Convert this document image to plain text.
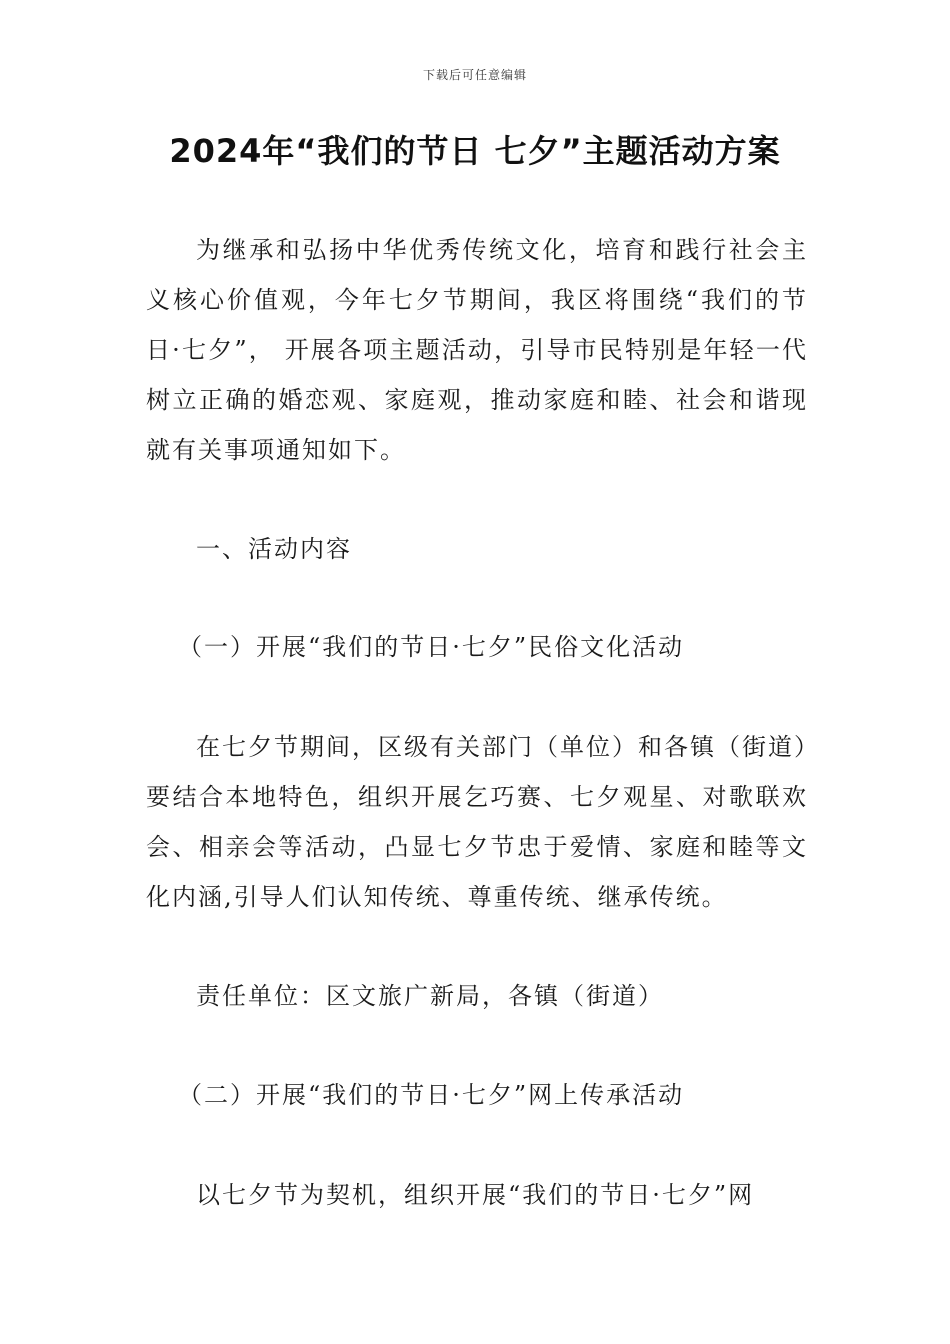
下载后可任意编辑
2024年“我们的节日 七夕”主题活动方案
为继承和弘扬中华优秀传统文化，培育和践行社会主义核心价值观，今年七夕节期间，我区将围绕“我们的节日·七夕”， 开展各项主题活动，引导市民特别是年轻一代树立正确的婚恋观、家庭观，推动家庭和睦、社会和谐现就有关事项通知如下。
一、活动内容
（一）开展“我们的节日·七夕”民俗文化活动
在七夕节期间，区级有关部门（单位）和各镇（街道）要结合本地特色，组织开展乞巧赛、七夕观星、对歌联欢会、相亲会等活动，凸显七夕节忠于爱情、家庭和睦等文化内涵,引导人们认知传统、尊重传统、继承传统。
责任单位：区文旅广新局，各镇（街道）
（二）开展“我们的节日·七夕”网上传承活动
以七夕节为契机，组织开展“我们的节日·七夕”网
